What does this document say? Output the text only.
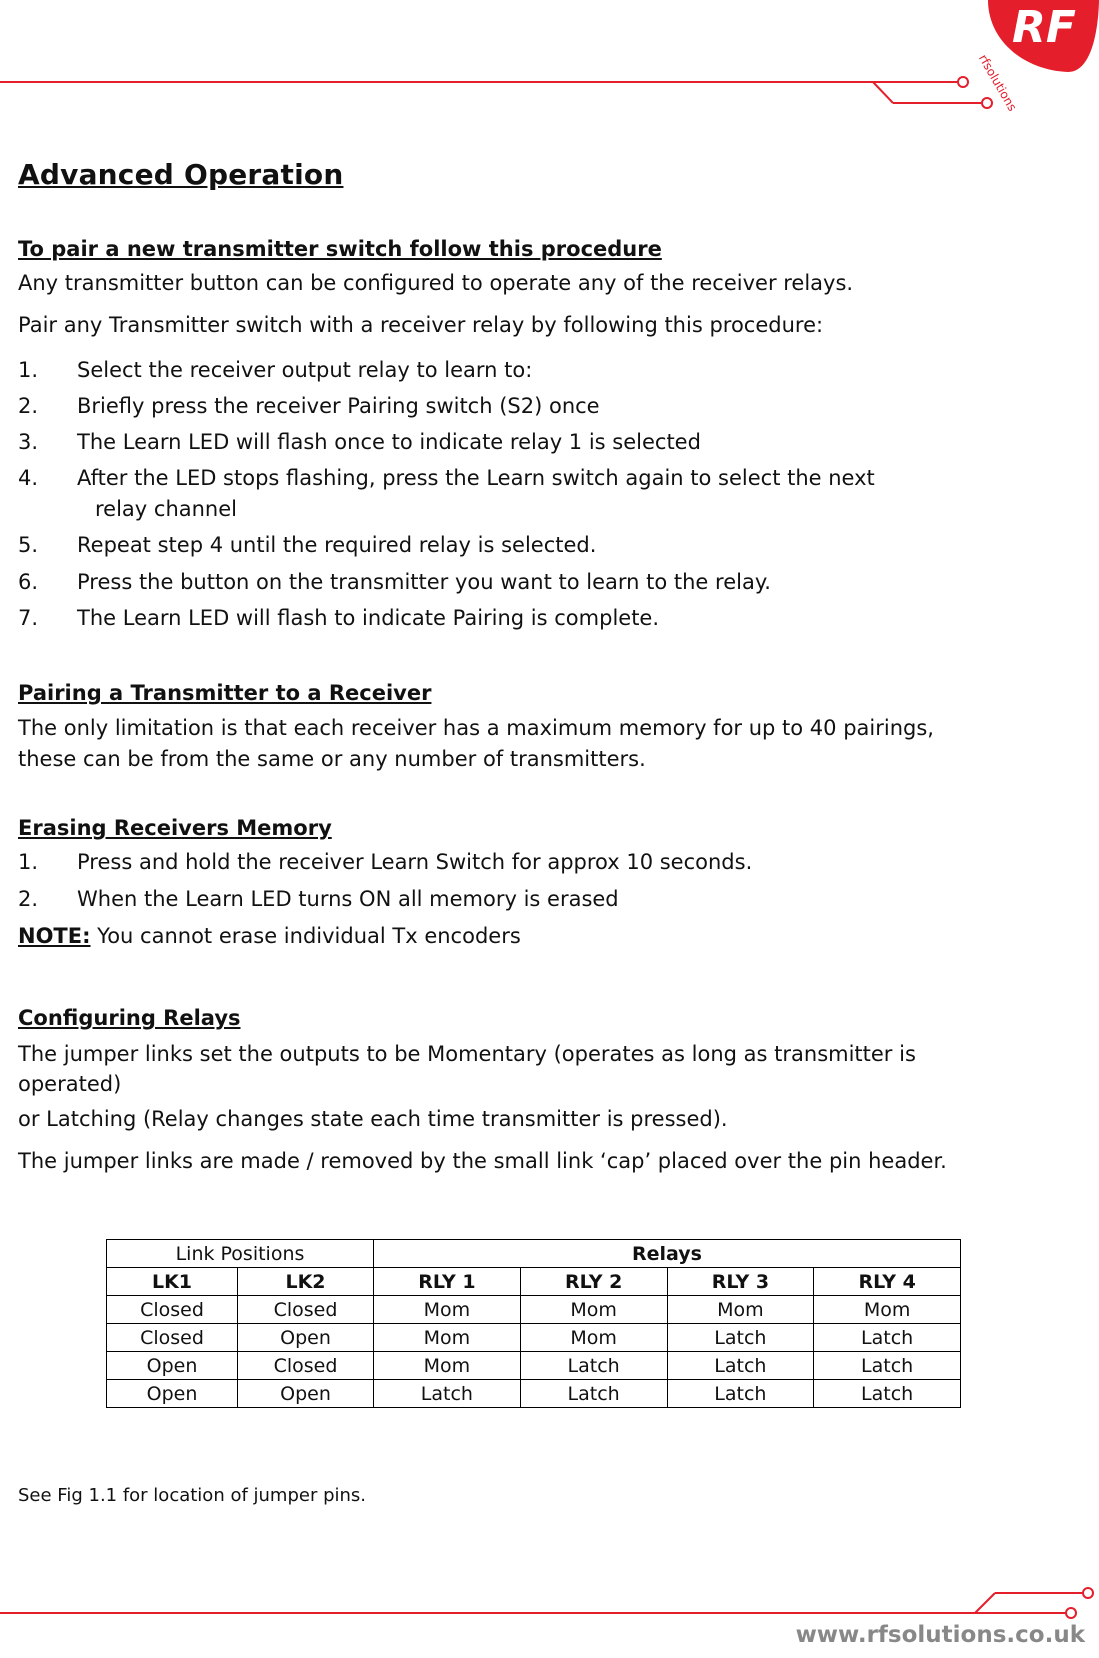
RF
rfsolutions
Advanced Operation
To pair a new transmitter switch follow this procedure
Any transmitter button can be configured to operate any of the receiver relays.
Pair any Transmitter switch with a receiver relay by following this procedure:
1. Select the receiver output relay to learn to:
2. Briefly press the receiver Pairing switch (S2) once
3. The Learn LED will flash once to indicate relay 1 is selected
4. After the LED stops flashing, press the Learn switch again to select the next
relay channel
5. Repeat step 4 until the required relay is selected.
6. Press the button on the transmitter you want to learn to the relay.
7. The Learn LED will flash to indicate Pairing is complete.
Pairing a Transmitter to a Receiver
The only limitation is that each receiver has a maximum memory for up to 40 pairings,
these can be from the same or any number of transmitters.
Erasing Receivers Memory
1. Press and hold the receiver Learn Switch for approx 10 seconds.
2. When the Learn LED turns ON all memory is erased
NOTE: You cannot erase individual Tx encoders
Configuring Relays
The jumper links set the outputs to be Momentary (operates as long as transmitter is
operated)
or Latching (Relay changes state each time transmitter is pressed).
The jumper links are made / removed by the small link ‘cap’ placed over the pin header.
Link Positions		Relays			
LK1	LK2	RLY 1	RLY 2	RLY 3	RLY 4
Closed	Closed	Mom	Mom	Mom	Mom
Closed	Open	Mom	Mom	Latch	Latch
Open	Closed	Mom	Latch	Latch	Latch
Open	Open	Latch	Latch	Latch	Latch
See Fig 1.1 for location of jumper pins.
www.rfsolutions.co.uk
